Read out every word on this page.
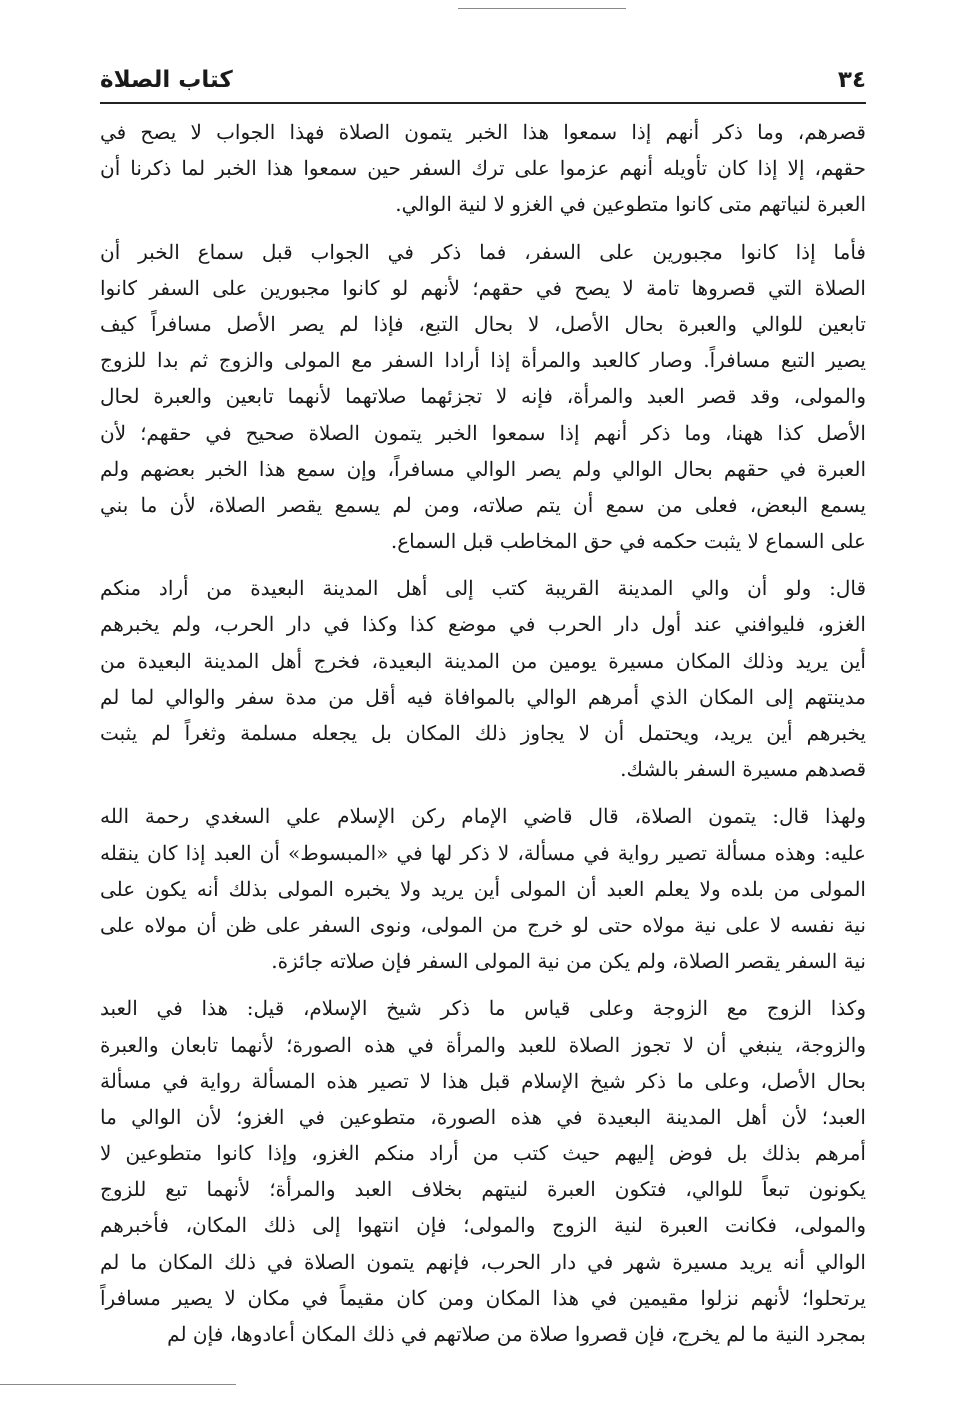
٣٤
كتاب الصلاة
قصرهم، وما ذكر أنهم إذا سمعوا هذا الخبر يتمون الصلاة فهذا الجواب لا يصح في
حقهم، إلا إذا كان تأويله أنهم عزموا على ترك السفر حين سمعوا هذا الخبر لما ذكرنا أن
العبرة لنياتهم متى كانوا متطوعين في الغزو لا لنية الوالي.
فأما إذا كانوا مجبورين على السفر، فما ذكر في الجواب قبل سماع الخبر أن
الصلاة التي قصروها تامة لا يصح في حقهم؛ لأنهم لو كانوا مجبورين على السفر كانوا
تابعين للوالي والعبرة بحال الأصل، لا بحال التبع، فإذا لم يصر الأصل مسافراً كيف
يصير التبع مسافراً. وصار كالعبد والمرأة إذا أرادا السفر مع المولى والزوج ثم بدا للزوج
والمولى، وقد قصر العبد والمرأة، فإنه لا تجزئهما صلاتهما لأنهما تابعين والعبرة لحال
الأصل كذا ههنا، وما ذكر أنهم إذا سمعوا الخبر يتمون الصلاة صحيح في حقهم؛ لأن
العبرة في حقهم بحال الوالي ولم يصر الوالي مسافراً، وإن سمع هذا الخبر بعضهم ولم
يسمع البعض، فعلى من سمع أن يتم صلاته، ومن لم يسمع يقصر الصلاة، لأن ما بني
على السماع لا يثبت حكمه في حق المخاطب قبل السماع.
قال: ولو أن والي المدينة القريبة كتب إلى أهل المدينة البعيدة من أراد منكم
الغزو، فليوافني عند أول دار الحرب في موضع كذا وكذا في دار الحرب، ولم يخبرهم
أين يريد وذلك المكان مسيرة يومين من المدينة البعيدة، فخرج أهل المدينة البعيدة من
مدينتهم إلى المكان الذي أمرهم الوالي بالموافاة فيه أقل من مدة سفر والوالي لما لم
يخبرهم أين يريد، ويحتمل أن لا يجاوز ذلك المكان بل يجعله مسلمة وثغراً لم يثبت
قصدهم مسيرة السفر بالشك.
ولهذا قال: يتمون الصلاة، قال قاضي الإمام ركن الإسلام علي السغدي رحمة الله
عليه: وهذه مسألة تصير رواية في مسألة، لا ذكر لها في «المبسوط» أن العبد إذا كان ينقله
المولى من بلده ولا يعلم العبد أن المولى أين يريد ولا يخبره المولى بذلك أنه يكون على
نية نفسه لا على نية مولاه حتى لو خرج من المولى، ونوى السفر على ظن أن مولاه على
نية السفر يقصر الصلاة، ولم يكن من نية المولى السفر فإن صلاته جائزة.
وكذا الزوج مع الزوجة وعلى قياس ما ذكر شيخ الإسلام، قيل: هذا في العبد
والزوجة، ينبغي أن لا تجوز الصلاة للعبد والمرأة في هذه الصورة؛ لأنهما تابعان والعبرة
بحال الأصل، وعلى ما ذكر شيخ الإسلام قبل هذا لا تصير هذه المسألة رواية في مسألة
العبد؛ لأن أهل المدينة البعيدة في هذه الصورة، متطوعين في الغزو؛ لأن الوالي ما
أمرهم بذلك بل فوض إليهم حيث كتب من أراد منكم الغزو، وإذا كانوا متطوعين لا
يكونون تبعاً للوالي، فتكون العبرة لنيتهم بخلاف العبد والمرأة؛ لأنهما تبع للزوج
والمولى، فكانت العبرة لنية الزوج والمولى؛ فإن انتهوا إلى ذلك المكان، فأخبرهم
الوالي أنه يريد مسيرة شهر في دار الحرب، فإنهم يتمون الصلاة في ذلك المكان ما لم
يرتحلوا؛ لأنهم نزلوا مقيمين في هذا المكان ومن كان مقيماً في مكان لا يصير مسافراً
بمجرد النية ما لم يخرج، فإن قصروا صلاة من صلاتهم في ذلك المكان أعادوها، فإن لم
